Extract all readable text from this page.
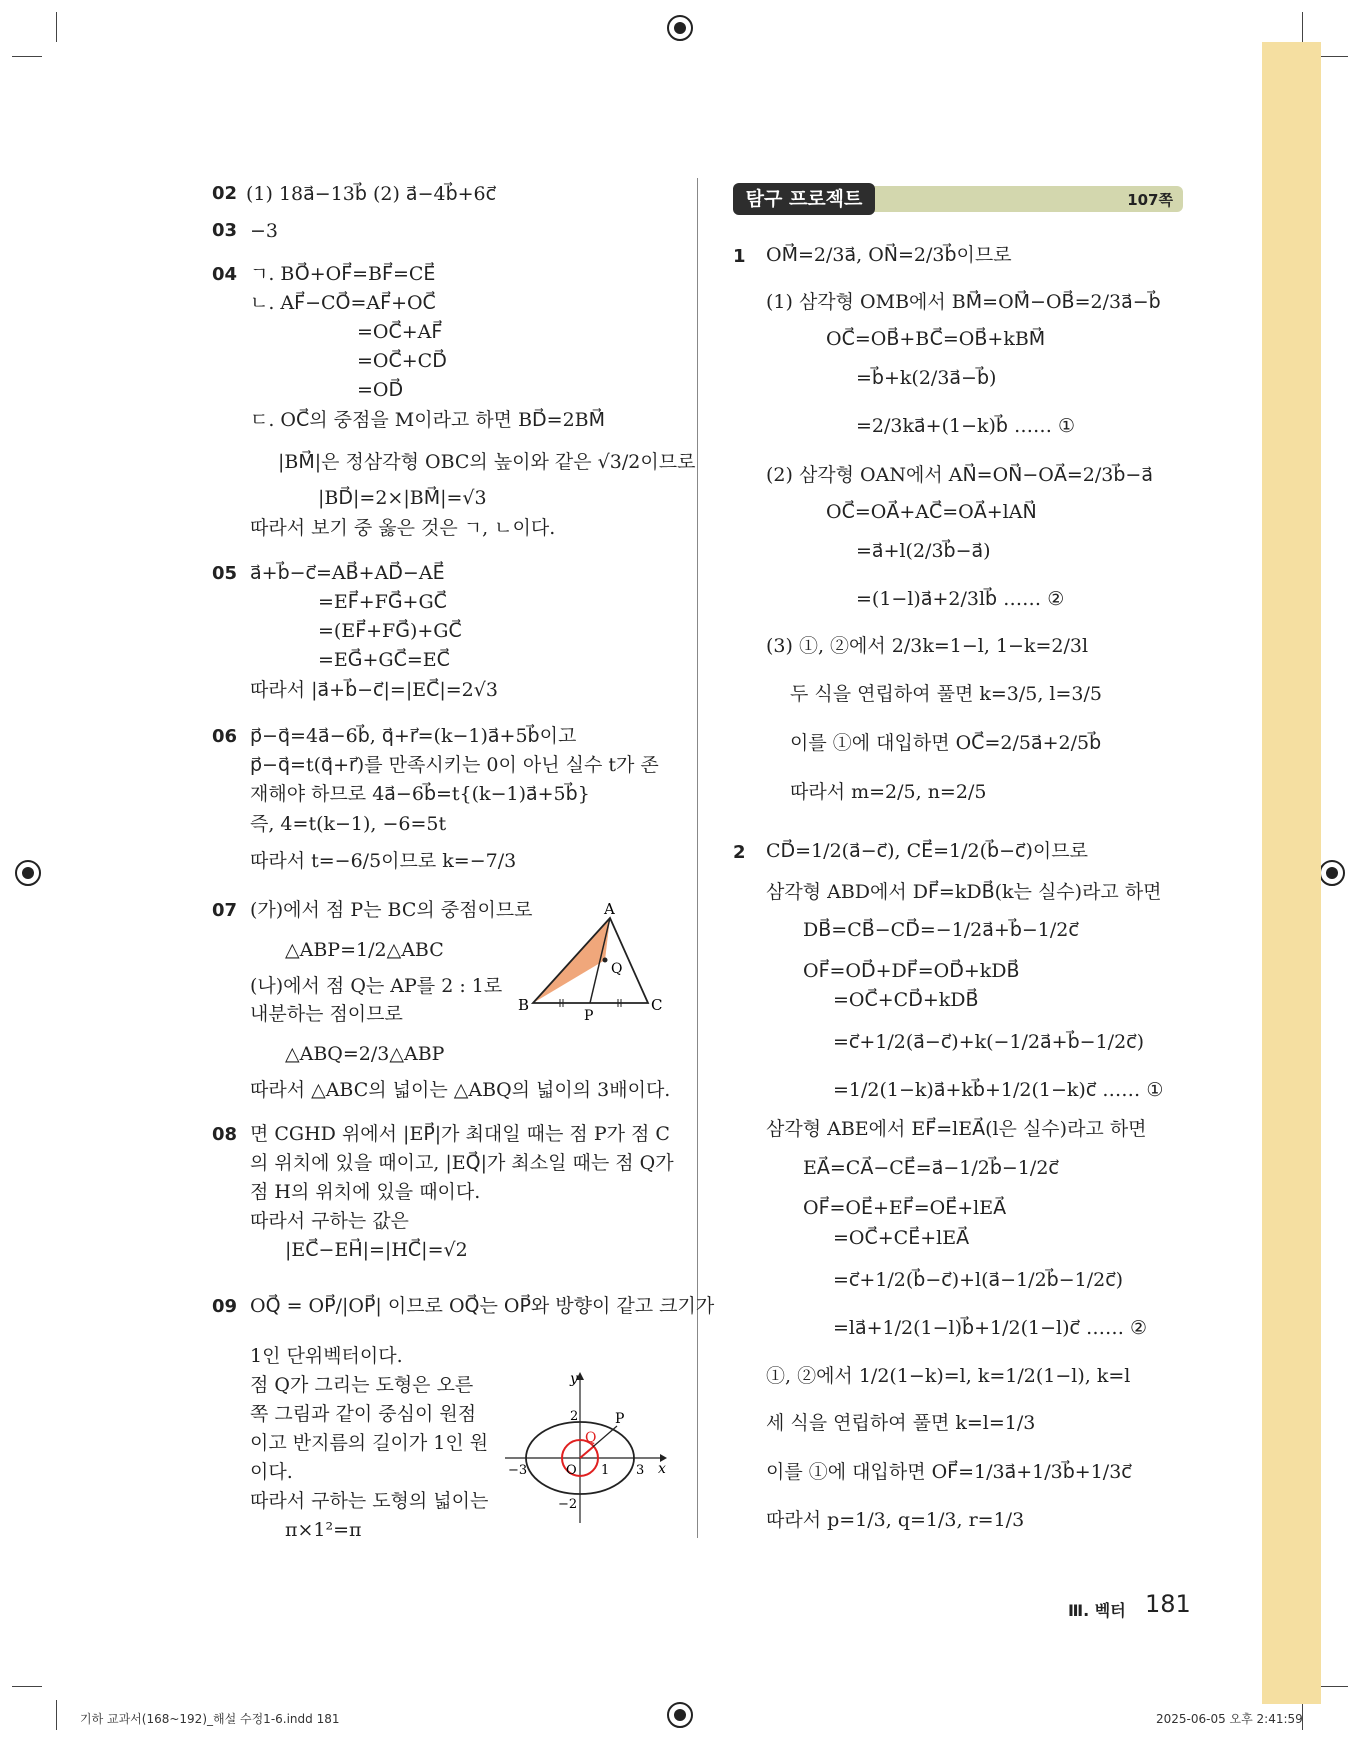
02 (1) 18a⃗−13b⃗ (2) a⃗−4b⃗+6c⃗
03 −3
04 ㄱ. BO⃗+OF⃗=BF⃗=CE⃗
ㄴ. AF⃗−CO⃗=AF⃗+OC⃗
=OC⃗+AF⃗
=OC⃗+CD⃗
=OD⃗
ㄷ. OC⃗의 중점을 M이라고 하면 BD⃗=2BM⃗
|BM⃗|은 정삼각형 OBC의 높이와 같은 √3/2이므로
|BD⃗|=2×|BM⃗|=√3
따라서 보기 중 옳은 것은 ㄱ, ㄴ이다.
05 a⃗+b⃗−c⃗=AB⃗+AD⃗−AE⃗
=EF⃗+FG⃗+GC⃗
=(EF⃗+FG⃗)+GC⃗
=EG⃗+GC⃗=EC⃗
따라서 |a⃗+b⃗−c⃗|=|EC⃗|=2√3
06 p⃗−q⃗=4a⃗−6b⃗, q⃗+r⃗=(k−1)a⃗+5b⃗이고
p⃗−q⃗=t(q⃗+r⃗)를 만족시키는 0이 아닌 실수 t가 존
재해야 하므로 4a⃗−6b⃗=t{(k−1)a⃗+5b⃗}
즉, 4=t(k−1), −6=5t
따라서 t=−6/5이므로 k=−7/3
07 (가)에서 점 P는 BC의 중점이므로
△ABP=1/2△ABC
(나)에서 점 Q는 AP를 2 : 1로
내분하는 점이므로
△ABQ=2/3△ABP
따라서 △ABC의 넓이는 △ABQ의 넓이의 3배이다.
A
B	C
P
Q
08 면 CGHD 위에서 |EP⃗|가 최대일 때는 점 P가 점 C
의 위치에 있을 때이고, |EQ⃗|가 최소일 때는 점 Q가
점 H의 위치에 있을 때이다.
따라서 구하는 값은
|EC⃗−EH⃗|=|HC⃗|=√2
09 OQ⃗ = OP⃗/|OP⃗| 이므로 OQ⃗는 OP⃗와 방향이 같고 크기가
1인 단위벡터이다.
점 Q가 그리는 도형은 오른
쪽 그림과 같이 중심이 원점
이고 반지름의 길이가 1인 원
이다.
따라서 구하는 도형의 넓이는
π×1²=π
y
x
2
−2
−3	3
1
O
P
Q
탐구 프로젝트	107쪽
1 OM⃗=2/3a⃗, ON⃗=2/3b⃗이므로
(1) 삼각형 OMB에서 BM⃗=OM⃗−OB⃗=2/3a⃗−b⃗
OC⃗=OB⃗+BC⃗=OB⃗+kBM⃗
=b⃗+k(2/3a⃗−b⃗)
=2/3ka⃗+(1−k)b⃗ …… ①
(2) 삼각형 OAN에서 AN⃗=ON⃗−OA⃗=2/3b⃗−a⃗
OC⃗=OA⃗+AC⃗=OA⃗+lAN⃗
=a⃗+l(2/3b⃗−a⃗)
=(1−l)a⃗+2/3lb⃗ …… ②
(3) ①, ②에서 2/3k=1−l, 1−k=2/3l
두 식을 연립하여 풀면 k=3/5, l=3/5
이를 ①에 대입하면 OC⃗=2/5a⃗+2/5b⃗
따라서 m=2/5, n=2/5
2 CD⃗=1/2(a⃗−c⃗), CE⃗=1/2(b⃗−c⃗)이므로
삼각형 ABD에서 DF⃗=kDB⃗(k는 실수)라고 하면
DB⃗=CB⃗−CD⃗=−1/2a⃗+b⃗−1/2c⃗
OF⃗=OD⃗+DF⃗=OD⃗+kDB⃗
=OC⃗+CD⃗+kDB⃗
=c⃗+1/2(a⃗−c⃗)+k(−1/2a⃗+b⃗−1/2c⃗)
=1/2(1−k)a⃗+kb⃗+1/2(1−k)c⃗ …… ①
삼각형 ABE에서 EF⃗=lEA⃗(l은 실수)라고 하면
EA⃗=CA⃗−CE⃗=a⃗−1/2b⃗−1/2c⃗
OF⃗=OE⃗+EF⃗=OE⃗+lEA⃗
=OC⃗+CE⃗+lEA⃗
=c⃗+1/2(b⃗−c⃗)+l(a⃗−1/2b⃗−1/2c⃗)
=la⃗+1/2(1−l)b⃗+1/2(1−l)c⃗ …… ②
①, ②에서 1/2(1−k)=l, k=1/2(1−l), k=l
세 식을 연립하여 풀면 k=l=1/3
이를 ①에 대입하면 OF⃗=1/3a⃗+1/3b⃗+1/3c⃗
따라서 p=1/3, q=1/3, r=1/3
Ⅲ. 벡터 181
기하 교과서(168~192)_해설 수정1-6.indd 181	2025-06-05 오후 2:41:59
